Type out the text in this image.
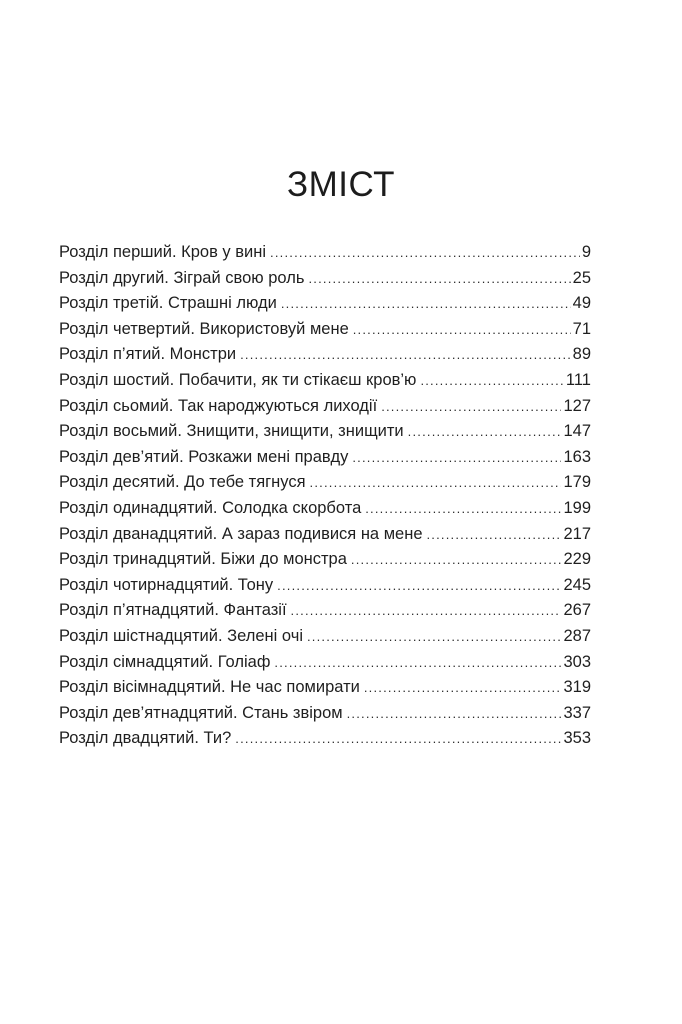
ЗМІСТ
Розділ перший. Кров у вині .....	9
Розділ другий. Зіграй свою роль .....	25
Розділ третій. Страшні люди .....	49
Розділ четвертий. Використовуй мене .....	71
Розділ п’ятий. Монстри .....	89
Розділ шостий. Побачити, як ти стікаєш кров’ю .....	111
Розділ сьомий. Так народжуються лиходії .....	127
Розділ восьмий. Знищити, знищити, знищити .....	147
Розділ дев’ятий. Розкажи мені правду .....	163
Розділ десятий. До тебе тягнуся .....	179
Розділ одинадцятий. Солодка скорбота .....	199
Розділ дванадцятий. А зараз подивися на мене .....	217
Розділ тринадцятий. Біжи до монстра .....	229
Розділ чотирнадцятий. Тону .....	245
Розділ п’ятнадцятий. Фантазії .....	267
Розділ шістнадцятий. Зелені очі .....	287
Розділ сімнадцятий. Голіаф .....	303
Розділ вісімнадцятий. Не час помирати .....	319
Розділ дев’ятнадцятий. Стань звіром .....	337
Розділ двадцятий. Ти? .....	353
